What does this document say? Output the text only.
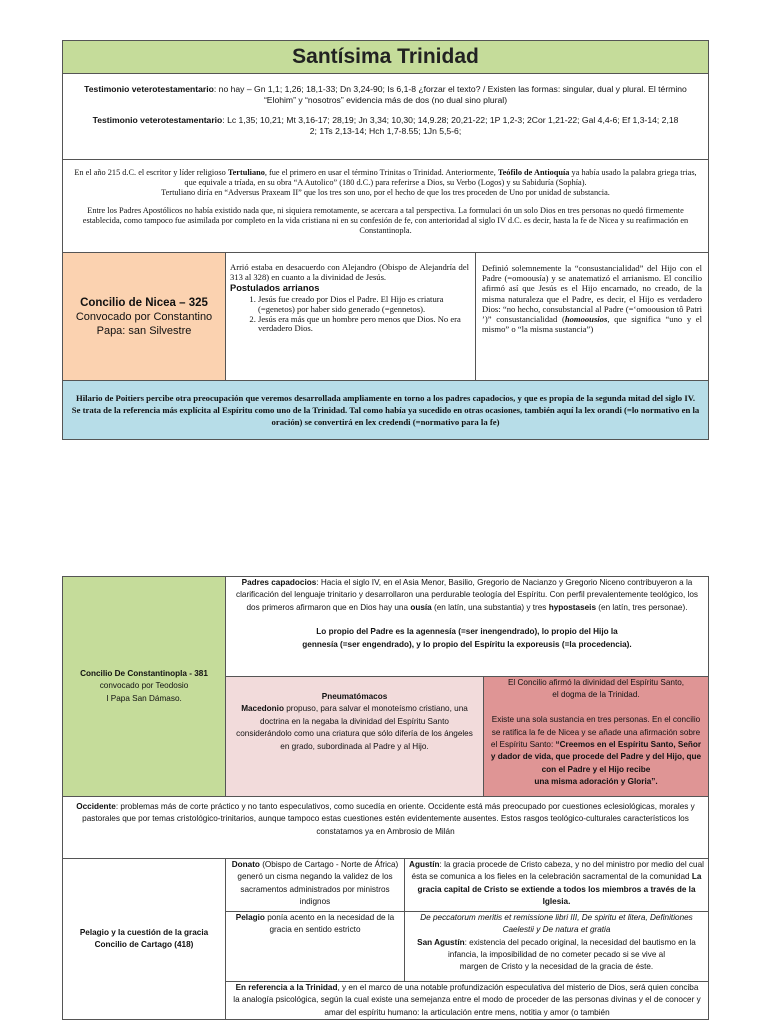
Santísima Trinidad

Testimonio veterotestamentario: no hay – Gn 1,1; 1,26; 18,1-33; Dn 3,24-90; Is 6,1-8 ¿forzar el texto? / Existen las formas: singular, dual y plural. El término “Elohim” y “nosotros” evidencia más de dos (no dual sino plural)

Testimonio veterotestamentario: Lc 1,35; 10,21; Mt 3,16-17; 28,19; Jn 3,34; 10,30; 14,9.28; 20,21-22; 1P 1,2-3; 2Cor 1,21-22; Gal 4,4-6; Ef 1,3-14; 2,18
2; 1Ts 2,13-14; Hch 1,7-8.55; 1Jn 5,5-6;

En el año 215 d.C. el escritor y líder religioso Tertuliano, fue el primero en usar el término Trinitas o Trinidad. Anteriormente, Teófilo de Antioquía ya había usado la palabra griega trias, que equivale a tríada, en su obra “A Autolico” (180 d.C.) para referirse a Dios, su Verbo (Logos) y su Sabiduría (Sophía).
Tertuliano diría en “Adversus Praxeam II” que los tres son uno, por el hecho de que los tres proceden de Uno por unidad de substancia.

Entre los Padres Apostólicos no había existido nada que, ni siquiera remotamente, se acercara a tal perspectiva. La formulaci ón un solo Dios en tres personas no quedó firmemente establecida, como tampoco fue asimilada por completo en la vida cristiana ni en su confesión de fe, con anterioridad al siglo IV d.C. es decir, hasta la fe de Nicea y su reafirmación en Constantinopla.

Concilio de Nicea – 325
Convocado por Constantino
Papa: san Silvestre
Arrió estaba en desacuerdo con Alejandro (Obispo de Alejandría del 313 al 328) en cuanto a la divinidad de Jesús.
Postulados arrianos
1. Jesús fue creado por Dios el Padre. El Hijo es criatura (=genetos) por haber sido generado (=gennetos).
2. Jesús era más que un hombre pero menos que Dios. No era verdadero Dios.
Definió solemnemente la “consustancialidad” del Hijo con el Padre (=omoousía) y se anatematizó el arrianismo. El concilio afirmó así que Jesús es el Hijo encarnado, no creado, de la misma naturaleza que el Padre, es decir, el Hijo es verdadero Dios: “no hecho, consubstancial al Padre (=‘omoousion tô Patri ’)” consustancialidad (homoousios, que significa “uno y el mismo” o “la misma sustancia”)
Hilario de Poitiers percibe otra preocupación que veremos desarrollada ampliamente en torno a los padres capadocios, y que es propia de la segunda mitad del siglo IV. Se trata de la referencia más explícita al Espíritu como uno de la Trinidad. Tal como había ya sucedido en otras ocasiones, también aquí la lex orandi (=lo normativo en la oración) se convertirá en lex credendi (=normativo para la fe)
Concilio De Constantinopla - 381
convocado por Teodosio
I Papa San Dámaso.

Padres capadocios: Hacia el siglo IV, en el Asia Menor, Basilio, Gregorio de Nacianzo y Gregorio Niceno contribuyeron a la clarificación del lenguaje trinitario y desarrollaron una perdurable teología del Espíritu. Con perfil prevalentemente teológico, los dos primeros afirmaron que en Dios hay una ousía (en latín, una substantia) y tres hypostaseis (en latín, tres personae).

Lo propio del Padre es la agennesía (=ser inengendrado), lo propio del Hijo la
gennesía (=ser engendrado), y lo propio del Espíritu la exporeusis (=la procedencia).

Pneumatómacos
Macedonio propuso, para salvar el monoteísmo cristiano, una doctrina en la negaba la divinidad del Espíritu Santo considerándolo como una criatura que sólo difería de los ángeles en grado, subordinada al Padre y al Hijo.
El Concilio afirmó la divinidad del Espíritu Santo,
el dogma de la Trinidad.

Existe una sola sustancia en tres personas. En el concilio se ratifica la fe de Nicea y se añade una afirmación sobre el Espíritu Santo: “Creemos en el Espíritu Santo, Señor y dador de vida, que procede del Padre y del Hijo, que con el Padre y el Hijo recibe
una misma adoración y Gloria”.
Occidente: problemas más de corte práctico y no tanto especulativos, como sucedía en oriente. Occidente está más preocupado por cuestiones eclesiológicas, morales y pastorales que por temas cristológico-trinitarios, aunque tampoco estas cuestiones estén evidentemente ausentes. Estos rasgos teológico-culturales característicos los constatamos ya en Ambrosio de Milán
Pelagio y la cuestión de la gracia
Concilio de Cartago (418)
Donato (Obispo de Cartago - Norte de África) generó un cisma negando la validez de los sacramentos administrados por ministros indignos
Agustín: la gracia procede de Cristo cabeza, y no del ministro por medio del cual ésta se comunica a los fieles en la celebración sacramental de la comunidad La gracia capital de Cristo se extiende a todos los miembros a través de la Iglesia.
Pelagio ponía acento en la necesidad de la gracia en sentido estricto
De peccatorum meritis et remissione libri III, De spiritu et litera, Definitiones Caelestii y De natura et gratia
San Agustín: existencia del pecado original, la necesidad del bautismo en la infancia, la imposibilidad de no cometer pecado si se vive al
margen de Cristo y la necesidad de la gracia de éste.
En referencia a la Trinidad, y en el marco de una notable profundización especulativa del misterio de Dios, será quien conciba la analogía psicológica, según la cual existe una semejanza entre el modo de proceder de las personas divinas y el de conocer y amar del espíritu humano: la articulación entre mens, notitia y amor (o también
